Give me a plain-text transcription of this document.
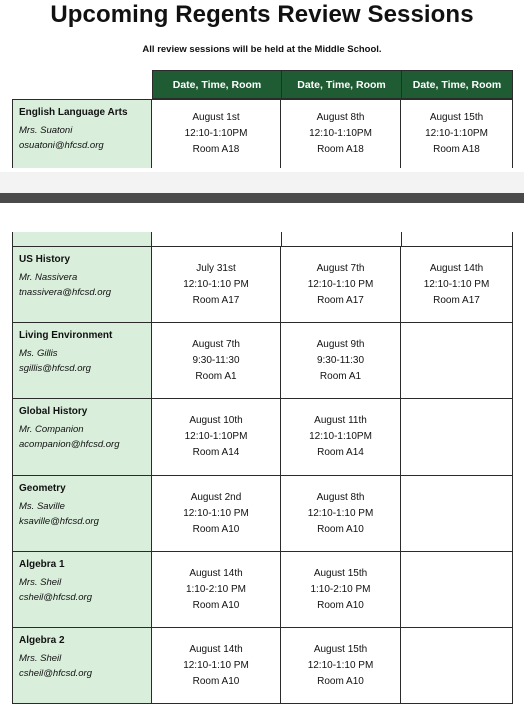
Upcoming Regents Review Sessions
All review sessions will be held at the Middle School.
Date, Time, Room	Date, Time, Room	Date, Time, Room
English Language Arts
Mrs. Suatoni
osuatoni@hfcsd.org
August 1st
12:10-1:10PM
Room A18
August 8th
12:10-1:10PM
Room A18
August 15th
12:10-1:10PM
Room A18
US History
Mr. Nassivera
tnassivera@hfcsd.org
July 31st
12:10-1:10 PM
Room A17
August 7th
12:10-1:10 PM
Room A17
August 14th
12:10-1:10 PM
Room A17
Living Environment
Ms. Gillis
sgillis@hfcsd.org
August 7th
9:30-11:30
Room A1
August 9th
9:30-11:30
Room A1
Global History
Mr. Companion
acompanion@hfcsd.org
August 10th
12:10-1:10PM
Room A14
August 11th
12:10-1:10PM
Room A14
Geometry
Ms. Saville
ksaville@hfcsd.org
August 2nd
12:10-1:10 PM
Room A10
August 8th
12:10-1:10 PM
Room A10
Algebra 1
Mrs. Sheil
csheil@hfcsd.org
August 14th
1:10-2:10 PM
Room A10
August 15th
1:10-2:10 PM
Room A10
Algebra 2
Mrs. Sheil
csheil@hfcsd.org
August 14th
12:10-1:10 PM
Room A10
August 15th
12:10-1:10 PM
Room A10
